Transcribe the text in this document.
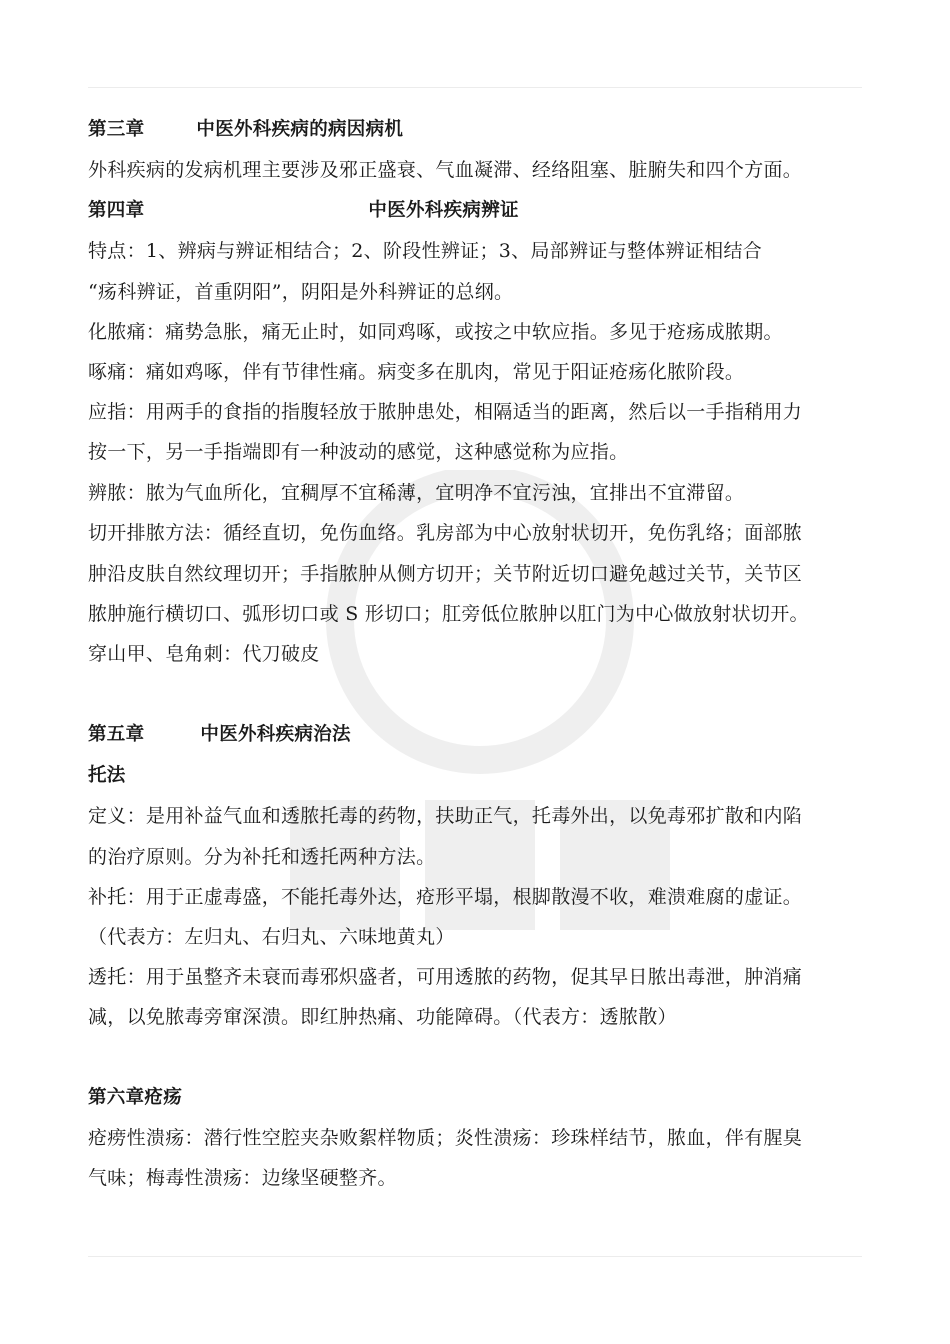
第三章	中医外科疾病的病因病机
外科疾病的发病机理主要涉及邪正盛衰、气血凝滞、经络阻塞、脏腑失和四个方面。
第四章	中医外科疾病辨证
特点：1、辨病与辨证相结合；2、阶段性辨证；3、局部辨证与整体辨证相结合
“疡科辨证，首重阴阳”，阴阳是外科辨证的总纲。
化脓痛：痛势急胀，痛无止时，如同鸡啄，或按之中软应指。多见于疮疡成脓期。
啄痛：痛如鸡啄，伴有节律性痛。病变多在肌肉，常见于阳证疮疡化脓阶段。
应指：用两手的食指的指腹轻放于脓肿患处，相隔适当的距离，然后以一手指稍用力
按一下，另一手指端即有一种波动的感觉，这种感觉称为应指。
辨脓：脓为气血所化，宜稠厚不宜稀薄，宜明净不宜污浊，宜排出不宜滞留。
切开排脓方法：循经直切，免伤血络。乳房部为中心放射状切开，免伤乳络；面部脓
肿沿皮肤自然纹理切开；手指脓肿从侧方切开；关节附近切口避免越过关节，关节区
脓肿施行横切口、弧形切口或 S 形切口；肛旁低位脓肿以肛门为中心做放射状切开。
穿山甲、皂角刺：代刀破皮
第五章	中医外科疾病治法
托法
定义：是用补益气血和透脓托毒的药物，扶助正气，托毒外出，以免毒邪扩散和内陷
的治疗原则。分为补托和透托两种方法。
补托：用于正虚毒盛，不能托毒外达，疮形平塌，根脚散漫不收，难溃难腐的虚证。
（代表方：左归丸、右归丸、六味地黄丸）
透托：用于虽整齐未衰而毒邪炽盛者，可用透脓的药物，促其早日脓出毒泄，肿消痛
减，以免脓毒旁窜深溃。即红肿热痛、功能障碍。（代表方：透脓散）
第六章疮疡
疮痨性溃疡：潜行性空腔夹杂败絮样物质；炎性溃疡：珍珠样结节，脓血，伴有腥臭
气味；梅毒性溃疡：边缘坚硬整齐。
